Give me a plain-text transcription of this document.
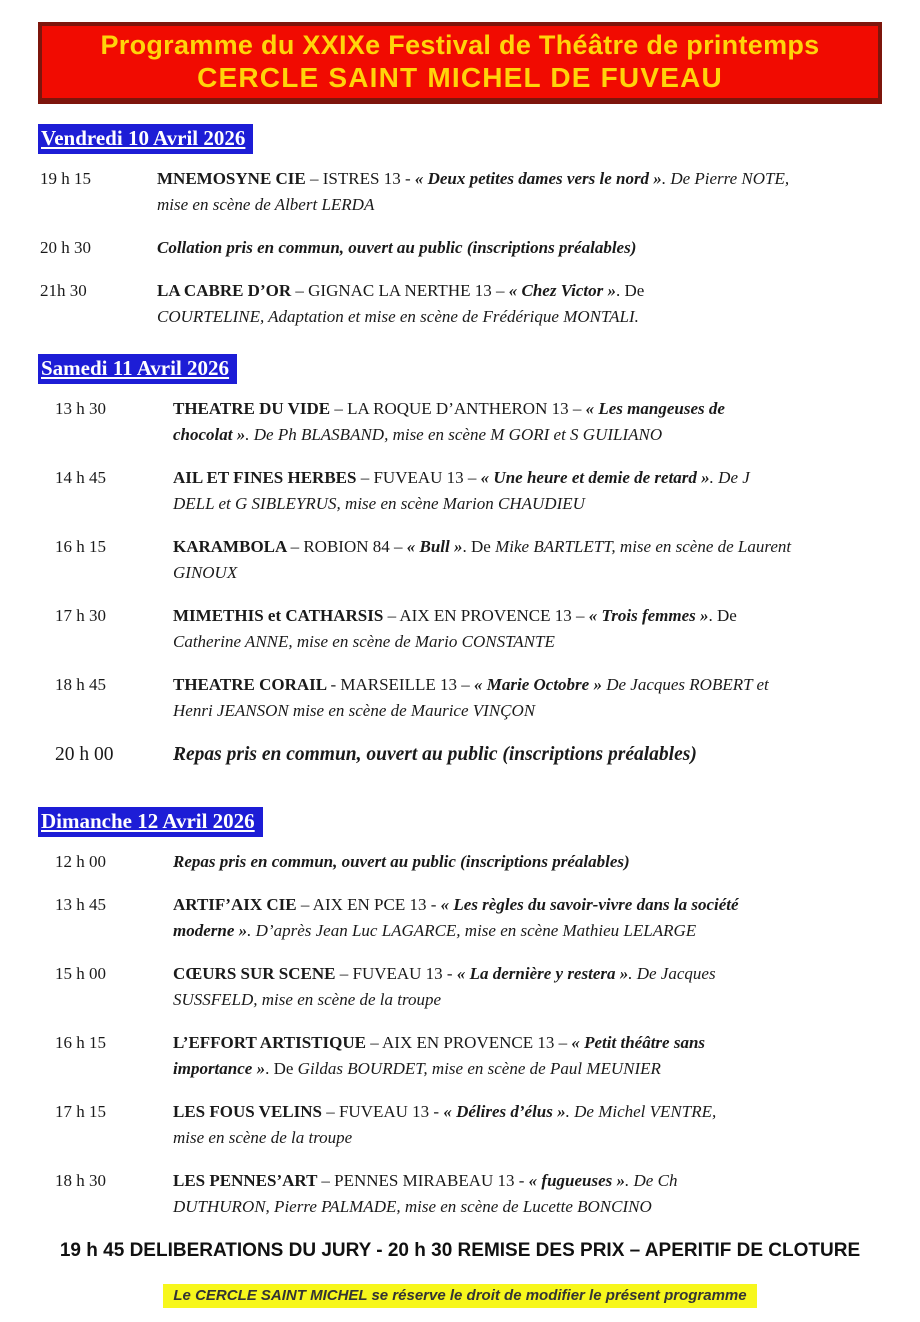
Programme du XXIXe Festival de Théâtre de printemps
CERCLE SAINT MICHEL DE FUVEAU
Vendredi 10 Avril 2026
19 h 15	MNEMOSYNE CIE – ISTRES 13 - « Deux petites dames vers le nord ». De Pierre NOTE,
mise en scène de Albert LERDA
20 h 30	Collation pris en commun, ouvert au public (inscriptions préalables)
21h 30	LA CABRE D’OR – GIGNAC LA NERTHE 13 – « Chez Victor ». De
COURTELINE, Adaptation et mise en scène de Frédérique MONTALI.
Samedi 11 Avril 2026
13 h 30	THEATRE DU VIDE – LA ROQUE D’ANTHERON 13 – « Les mangeuses de
chocolat ». De Ph BLASBAND, mise en scène M GORI et S GUILIANO
14 h 45	AIL ET FINES HERBES – FUVEAU 13 – « Une heure et demie de retard ». De J
DELL et G SIBLEYRUS, mise en scène Marion CHAUDIEU
16 h 15	KARAMBOLA – ROBION 84 – « Bull ». De Mike BARTLETT, mise en scène de Laurent
GINOUX
17 h 30	MIMETHIS et CATHARSIS – AIX EN PROVENCE 13 – « Trois femmes ». De
Catherine ANNE, mise en scène de Mario CONSTANTE
18 h 45	THEATRE CORAIL - MARSEILLE 13 – « Marie Octobre » De Jacques ROBERT et
Henri JEANSON mise en scène de Maurice VINÇON
20 h 00	Repas pris en commun, ouvert au public (inscriptions préalables)
Dimanche 12 Avril 2026
12 h 00	Repas pris en commun, ouvert au public (inscriptions préalables)
13 h 45	ARTIF’AIX CIE – AIX EN PCE 13 - « Les règles du savoir-vivre dans la société
moderne ». D’après Jean Luc LAGARCE, mise en scène Mathieu LELARGE
15 h 00	CŒURS SUR SCENE – FUVEAU 13 - « La dernière y restera ». De Jacques
SUSSFELD, mise en scène de la troupe
16 h 15	L’EFFORT ARTISTIQUE – AIX EN PROVENCE 13 – « Petit théâtre sans
importance ». De Gildas BOURDET, mise en scène de Paul MEUNIER
17 h 15	LES FOUS VELINS – FUVEAU 13 - « Délires d’élus ». De Michel VENTRE,
mise en scène de la troupe
18 h 30	LES PENNES’ART – PENNES MIRABEAU 13 - « fugueuses ». De Ch
DUTHURON, Pierre PALMADE, mise en scène de Lucette BONCINO
19 h 45 DELIBERATIONS DU JURY - 20 h 30 REMISE DES PRIX – APERITIF DE CLOTURE
Le CERCLE SAINT MICHEL se réserve le droit de modifier le présent programme
